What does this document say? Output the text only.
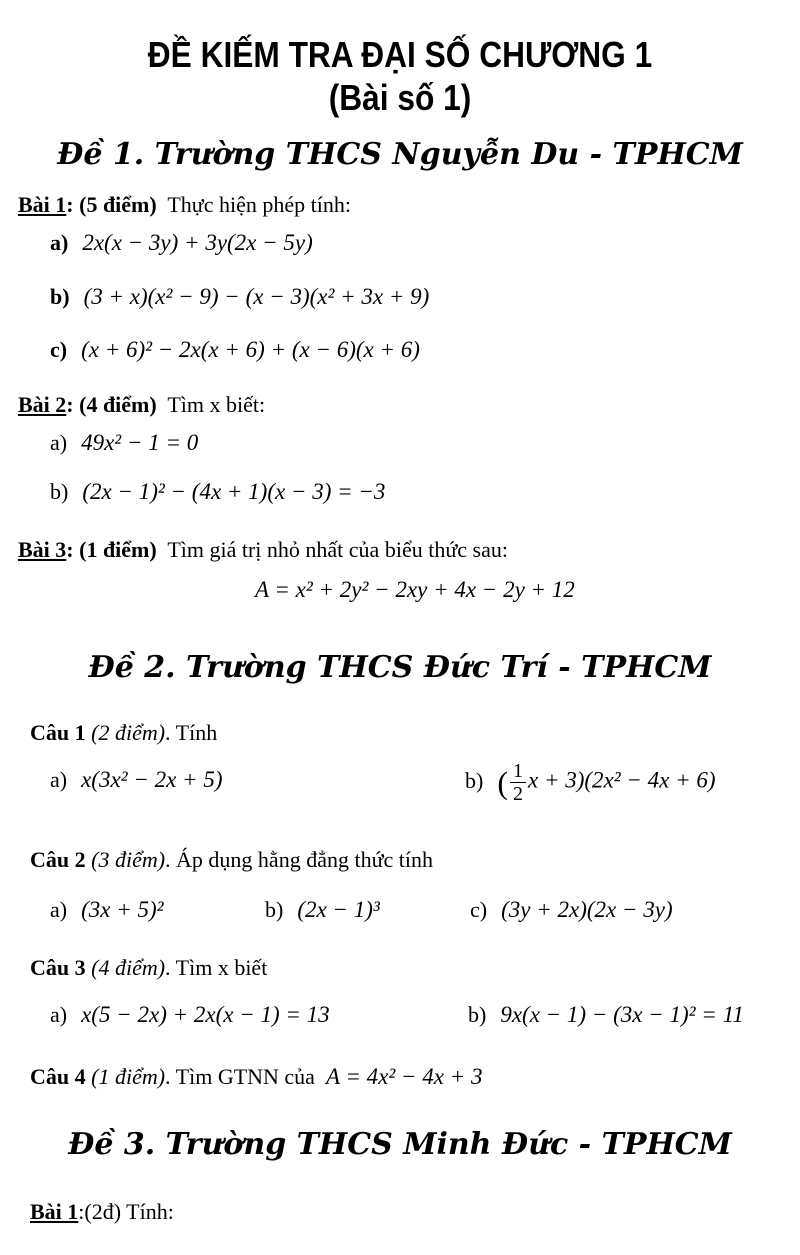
ĐỀ KIẾM TRA ĐẠI SỐ CHƯƠNG 1
(Bài số 1)
Đề 1. Trường THCS Nguyễn Du - TPHCM
Bài 1: (5 điểm) Thực hiện phép tính:
a) 2x(x − 3y) + 3y(2x − 5y)
b) (3 + x)(x² − 9) − (x − 3)(x² + 3x + 9)
c) (x + 6)² − 2x(x + 6) + (x − 6)(x + 6)
Bài 2: (4 điểm) Tìm x biết:
a) 49x² − 1 = 0
b) (2x − 1)² − (4x + 1)(x − 3) = −3
Bài 3: (1 điểm) Tìm giá trị nhỏ nhất của biểu thức sau:
A = x² + 2y² − 2xy + 4x − 2y + 12
Đề 2. Trường THCS Đức Trí - TPHCM
Câu 1 (2 điểm). Tính
a) x(3x² − 2x + 5)	b) ( $\frac{1}{2}$ x + 3)(2x² − 4x + 6)
Câu 2 (3 điểm). Áp dụng hằng đẳng thức tính
a) (3x + 5)²	b) (2x − 1)³	c) (3y + 2x)(2x − 3y)
Câu 3 (4 điểm). Tìm x biết
a) x(5 − 2x) + 2x(x − 1) = 13	b) 9x(x − 1) − (3x − 1)² = 11
Câu 4 (1 điểm). Tìm GTNN của A = 4x² − 4x + 3
Đề 3. Trường THCS Minh Đức - TPHCM
Bài 1:(2đ) Tính:
